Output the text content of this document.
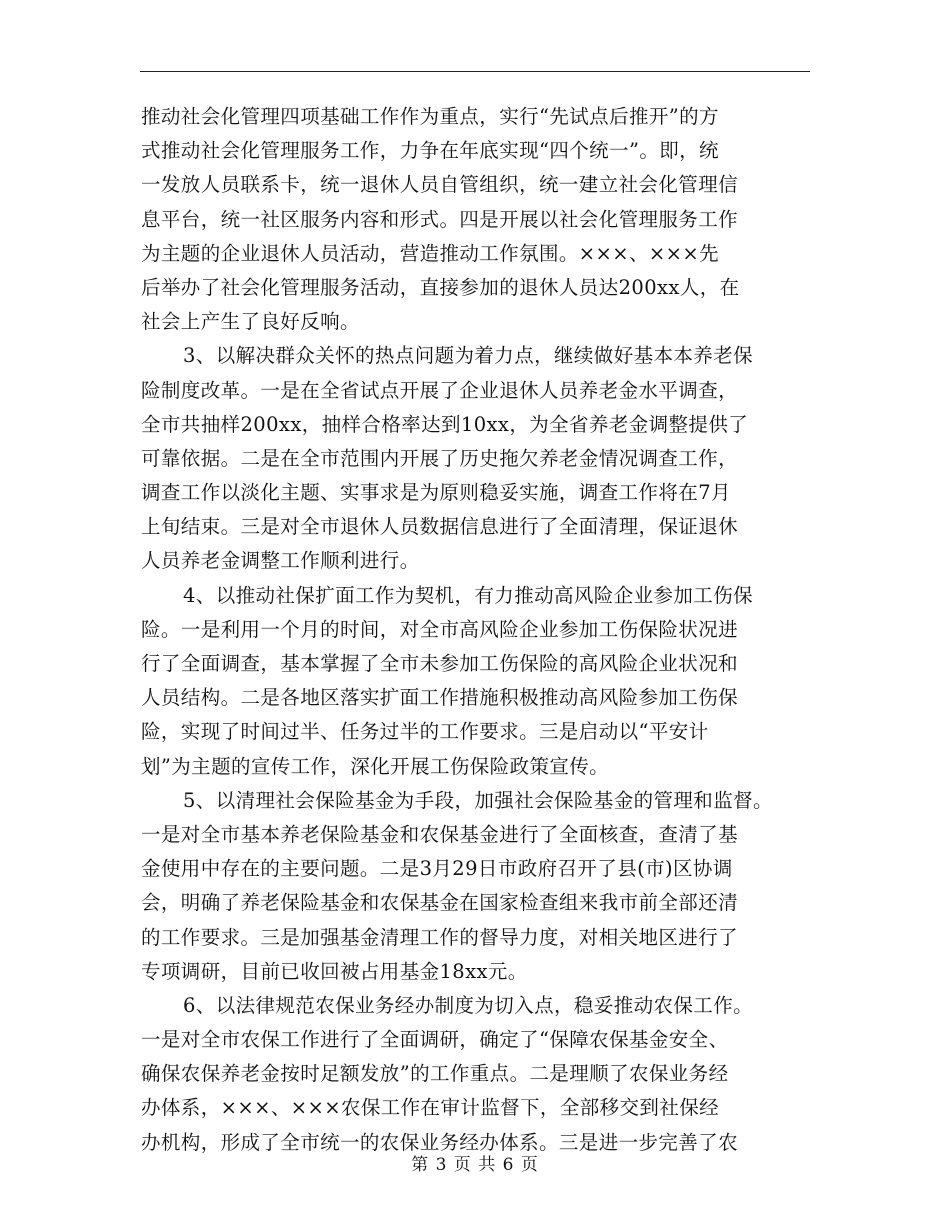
推动社会化管理四项基础工作作为重点，实行“先试点后推开”的方
式推动社会化管理服务工作，力争在年底实现“四个统一”。即，统
一发放人员联系卡，统一退休人员自管组织，统一建立社会化管理信
息平台，统一社区服务内容和形式。四是开展以社会化管理服务工作
为主题的企业退休人员活动，营造推动工作氛围。×××、×××先
后举办了社会化管理服务活动，直接参加的退休人员达200xx人，在
社会上产生了良好反响。
3、以解决群众关怀的热点问题为着力点，继续做好基本本养老保
险制度改革。一是在全省试点开展了企业退休人员养老金水平调查，
全市共抽样200xx，抽样合格率达到10xx，为全省养老金调整提供了
可靠依据。二是在全市范围内开展了历史拖欠养老金情况调查工作，
调查工作以淡化主题、实事求是为原则稳妥实施，调查工作将在7月
上旬结束。三是对全市退休人员数据信息进行了全面清理，保证退休
人员养老金调整工作顺利进行。
4、以推动社保扩面工作为契机，有力推动高风险企业参加工伤保
险。一是利用一个月的时间，对全市高风险企业参加工伤保险状况进
行了全面调查，基本掌握了全市未参加工伤保险的高风险企业状况和
人员结构。二是各地区落实扩面工作措施积极推动高风险参加工伤保
险，实现了时间过半、任务过半的工作要求。三是启动以“平安计
划”为主题的宣传工作，深化开展工伤保险政策宣传。
5、以清理社会保险基金为手段，加强社会保险基金的管理和监督。
一是对全市基本养老保险基金和农保基金进行了全面核查，查清了基
金使用中存在的主要问题。二是3月29日市政府召开了县(市)区协调
会，明确了养老保险基金和农保基金在国家检查组来我市前全部还清
的工作要求。三是加强基金清理工作的督导力度，对相关地区进行了
专项调研，目前已收回被占用基金18xx元。
6、以法律规范农保业务经办制度为切入点，稳妥推动农保工作。
一是对全市农保工作进行了全面调研，确定了“保障农保基金安全、
确保农保养老金按时足额发放”的工作重点。二是理顺了农保业务经
办体系，×××、×××农保工作在审计监督下，全部移交到社保经
办机构，形成了全市统一的农保业务经办体系。三是进一步完善了农
第 3 页 共 6 页
